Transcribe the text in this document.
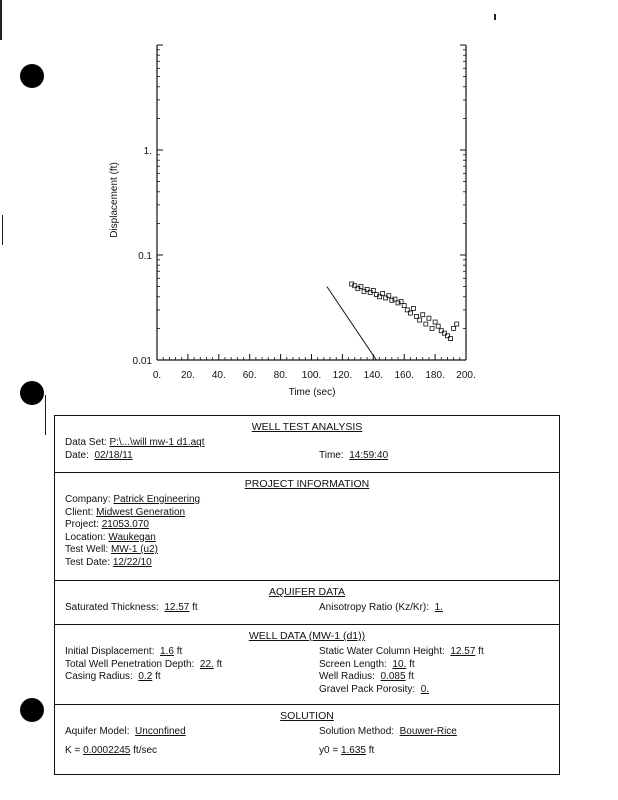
0. 20. 40. 60. 80. 100. 120. 140. 160. 180. 200.
0.01
0.1
1.
Time (sec)
Displacement (ft)
WELL TEST ANALYSIS
Data Set:
P:\...\will mw-1 d1.aqt
Date: 02/18/11	Time: 14:59:40
PROJECT INFORMATION
Company:
Patrick Engineering
Client:
Midwest Generation
Project:
21053.070
Location:
Waukegan
Test Well:
MW-1 (u2)
Test Date:
12/22/10
AQUIFER DATA
Saturated Thickness: 12.57 ft	Anisotropy Ratio (Kz/Kr): 1.
WELL DATA (MW-1 (d1))
Initial Displacement: 1.6 ft	Static Water Column Height: 12.57 ft
Total Well Penetration Depth: 22. ft	Screen Length: 10. ft
Casing Radius: 0.2 ft	Well Radius: 0.085 ft
Gravel Pack Porosity: 0.
SOLUTION
Aquifer Model: Unconfined	Solution Method: Bouwer-Rice
K = 0.0002245 ft/sec	y0 = 1.635 ft
